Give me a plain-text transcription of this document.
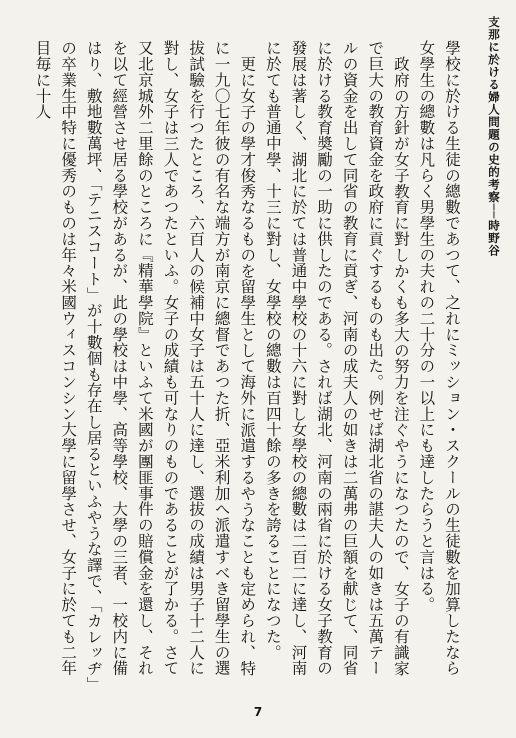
支那に於ける婦人問題の史的考察──時野谷

學校に於ける生徒の總數であつて、之れにミッション・スクールの生徒數を加算したなら女學生の總數は凡らく男學生の夫れの二十分の一以上にも達したらうと言はる。

政府の方針が女子教育に對しかくも多大の努力を注ぐやうになつたので、女子の有識家で巨大の教育資金を政府に貢ぐするものも出た。例せば湖北省の諶夫人の如きは五萬テールの資金を出して同省の教育に貢ぎ、河南の成夫人の如きは二萬弗の巨額を献じて、同省に於ける教育奬勵の一助に供したのである。されば湖北、河南の兩省に於ける女子教育の發展は著しく、湖北に於ては普通中學校の十六に對し女學校の總數は二百二に達し、河南に於ても普通中學、十三に對し、女學校の總數は百四十餘の多きを誇ることになつた。

更に女子の學才俊秀なるものを留學生として海外に派遣するやうなことも定められ、特に一九〇七年彼の有名な端方が南京に總督であつた折、亞米利加へ派遣すべき留學生の選拔試驗を行つたところ、六百人の候補中女子は五十人に達し、選拔の成績は男子十二人に對し、女子は三人であつたといふ。女子の成績も可なりのものであることが了かる。さて又北京城外二里餘のところに『精華學院』といふて米國が團匪事件の賠償金を還し、それを以て經營させ居る學校があるが、此の學校は中學、高等學校、大學の三者、一校内に備はり、敷地數萬坪、「テニスコート」が十數個も存在し居るといふやうな譯で、「カレッヂ」の卒業生中特に優秀のものは年々米國ウィスコンシン大學に留學させ、女子に於ても二年目毎に十人

7
